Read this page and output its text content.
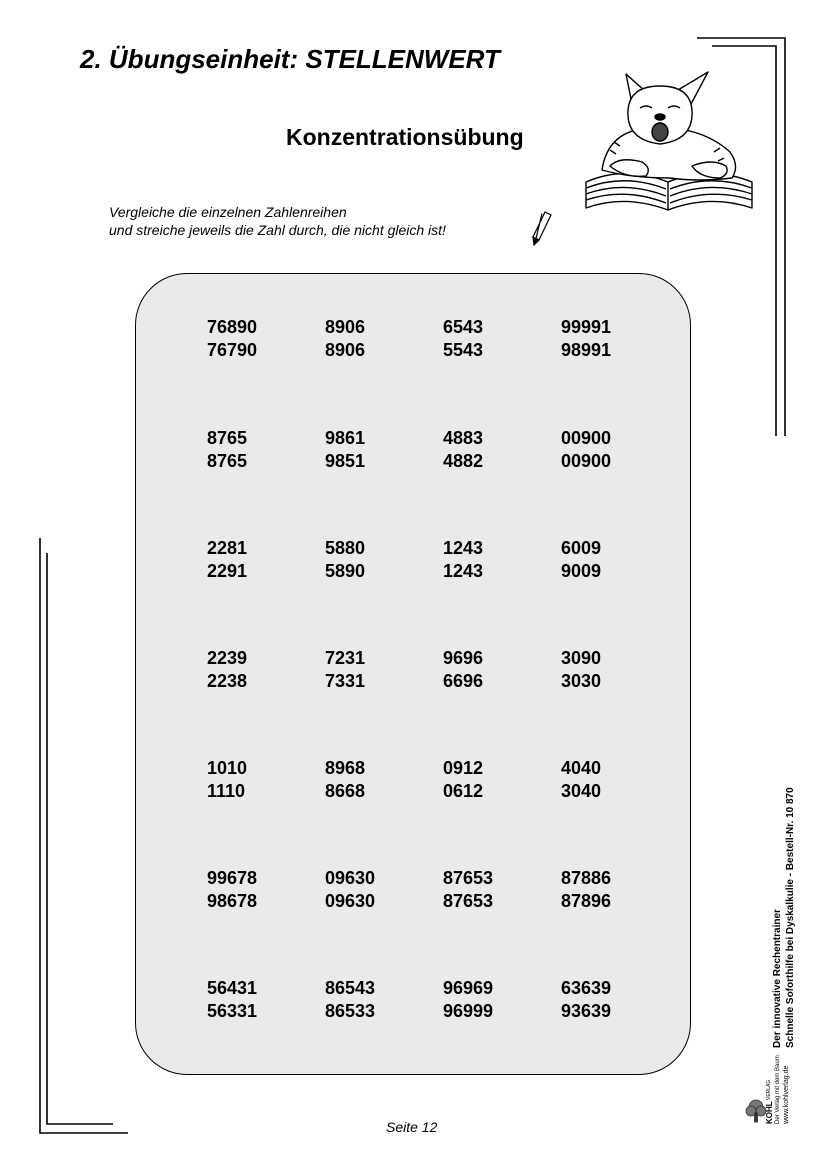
2. Übungseinheit: STELLENWERT
Konzentrationsübung
Vergleiche die einzelnen Zahlenreihen
und streiche jeweils die Zahl durch, die nicht gleich ist!
76890
76790
8906
8906
6543
5543
99991
98991
8765
8765
9861
9851
4883
4882
00900
00900
2281
2291
5880
5890
1243
1243
6009
9009
2239
2238
7231
7331
9696
6696
3090
3030
1010
1110
8968
8668
0912
0612
4040
3040
99678
98678
09630
09630
87653
87653
87886
87896
56431
56331
86543
86533
96969
96999
63639
93639
Seite 12
Der innovative Rechentrainer Schnelle Soforthilfe bei Dyskalkulie - Bestell-Nr. 10 870
KOHL
VERLAG Der Verlag mit dem Baum www.kohlverlag.de
